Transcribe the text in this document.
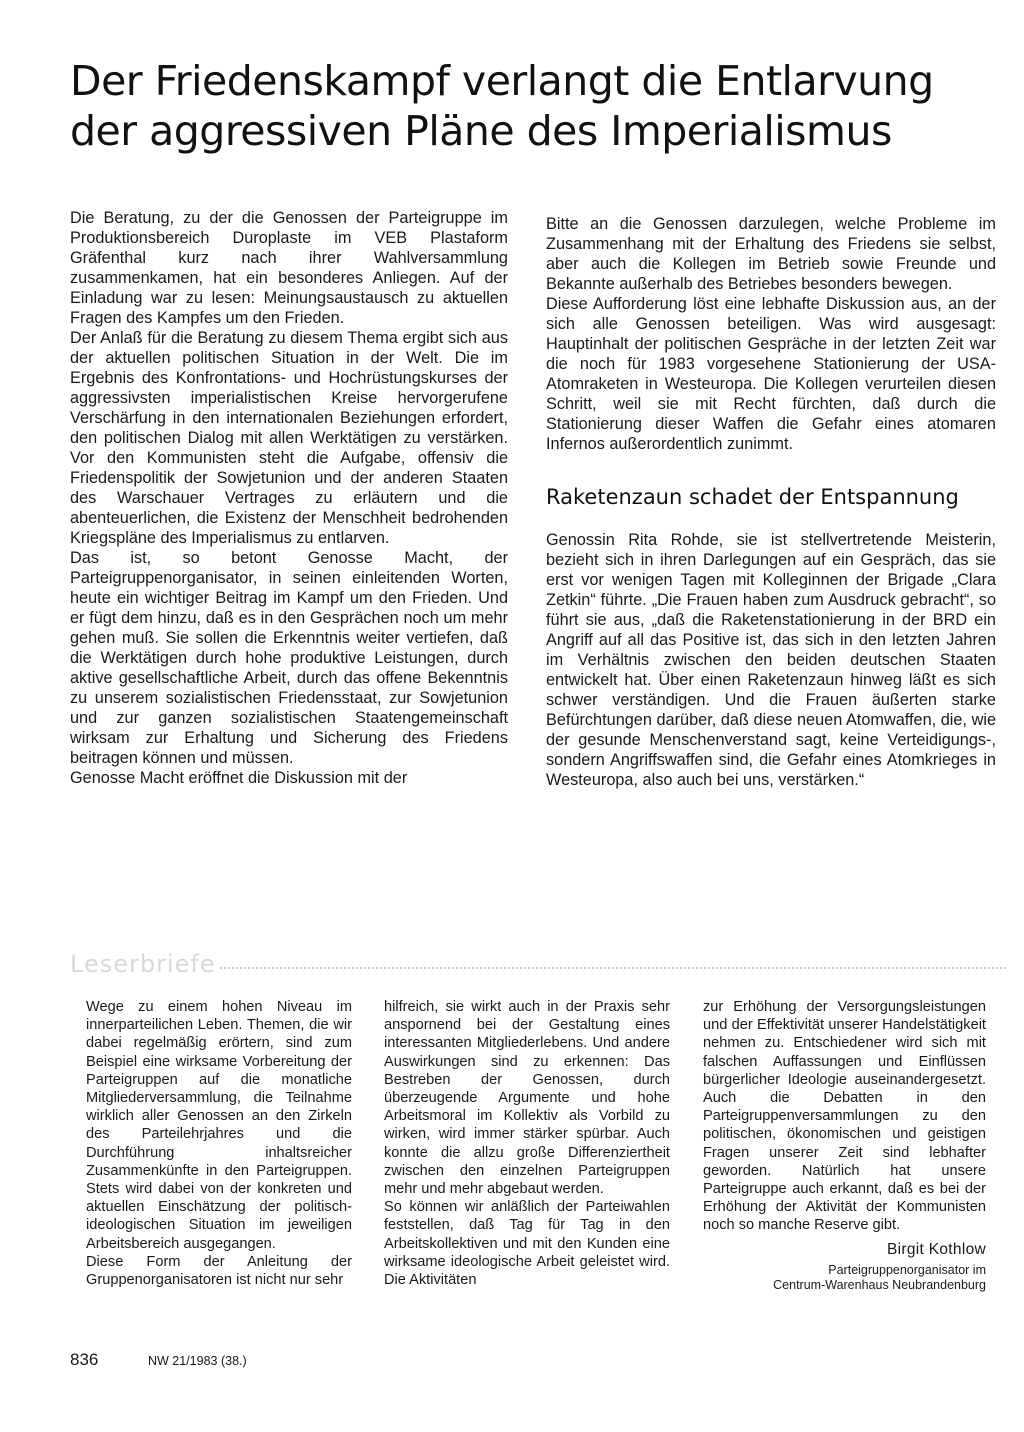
Der Friedenskampf verlangt die Entlarvung
der aggressiven Pläne des Imperialismus

Die Beratung, zu der die Genossen der Parteigruppe im Produktionsbereich Duroplaste im VEB Plastaform Gräfenthal kurz nach ihrer Wahlversammlung zusammenkamen, hat ein besonderes Anliegen. Auf der Einladung war zu lesen: Meinungsaustausch zu aktuellen Fragen des Kampfes um den Frieden.

Der Anlaß für die Beratung zu diesem Thema ergibt sich aus der aktuellen politischen Situation in der Welt. Die im Ergebnis des Konfrontations- und Hochrüstungskurses der aggressivsten imperialistischen Kreise hervorgerufene Verschärfung in den internationalen Beziehungen erfordert, den politischen Dialog mit allen Werktätigen zu verstärken. Vor den Kommunisten steht die Aufgabe, offensiv die Friedenspolitik der Sowjetunion und der anderen Staaten des Warschauer Vertrages zu erläutern und die abenteuerlichen, die Existenz der Menschheit bedrohenden Kriegspläne des Imperialismus zu entlarven.

Das ist, so betont Genosse Macht, der Parteigruppenorganisator, in seinen einleitenden Worten, heute ein wichtiger Beitrag im Kampf um den Frieden. Und er fügt dem hinzu, daß es in den Gesprächen noch um mehr gehen muß. Sie sollen die Erkenntnis weiter vertiefen, daß die Werktätigen durch hohe produktive Leistungen, durch aktive gesellschaftliche Arbeit, durch das offene Bekenntnis zu unserem sozialistischen Friedensstaat, zur Sowjetunion und zur ganzen sozialistischen Staatengemeinschaft wirksam zur Erhaltung und Sicherung des Friedens beitragen können und müssen.

Genosse Macht eröffnet die Diskussion mit der

Bitte an die Genossen darzulegen, welche Probleme im Zusammenhang mit der Erhaltung des Friedens sie selbst, aber auch die Kollegen im Betrieb sowie Freunde und Bekannte außerhalb des Betriebes besonders bewegen.

Diese Aufforderung löst eine lebhafte Diskussion aus, an der sich alle Genossen beteiligen. Was wird ausgesagt: Hauptinhalt der politischen Gespräche in der letzten Zeit war die noch für 1983 vorgesehene Stationierung der USA-Atomraketen in Westeuropa. Die Kollegen verurteilen diesen Schritt, weil sie mit Recht fürchten, daß durch die Stationierung dieser Waffen die Gefahr eines atomaren Infernos außerordentlich zunimmt.

Raketenzaun schadet der Entspannung

Genossin Rita Rohde, sie ist stellvertretende Meisterin, bezieht sich in ihren Darlegungen auf ein Gespräch, das sie erst vor wenigen Tagen mit Kolleginnen der Brigade „Clara Zetkin“ führte. „Die Frauen haben zum Ausdruck gebracht“, so führt sie aus, „daß die Raketenstationierung in der BRD ein Angriff auf all das Positive ist, das sich in den letzten Jahren im Verhältnis zwischen den beiden deutschen Staaten entwickelt hat. Über einen Raketenzaun hinweg läßt es sich schwer verständigen. Und die Frauen äußerten starke Befürchtungen darüber, daß diese neuen Atomwaffen, die, wie der gesunde Menschenverstand sagt, keine Verteidigungs-, sondern Angriffswaffen sind, die Gefahr eines Atomkrieges in Westeuropa, also auch bei uns, verstärken.“

Leserbriefe

Wege zu einem hohen Niveau im innerparteilichen Leben. Themen, die wir dabei regelmäßig erörtern, sind zum Beispiel eine wirksame Vorbereitung der Parteigruppen auf die monatliche Mitgliederversammlung, die Teilnahme wirklich aller Genossen an den Zirkeln des Parteilehrjahres und die Durchführung inhaltsreicher Zusammenkünfte in den Parteigruppen. Stets wird dabei von der konkreten und aktuellen Einschätzung der politisch-ideologischen Situation im jeweiligen Arbeitsbereich ausgegangen.

Diese Form der Anleitung der Gruppenorganisatoren ist nicht nur sehr

hilfreich, sie wirkt auch in der Praxis sehr anspornend bei der Gestaltung eines interessanten Mitgliederlebens. Und andere Auswirkungen sind zu erkennen: Das Bestreben der Genossen, durch überzeugende Argumente und hohe Arbeitsmoral im Kollektiv als Vorbild zu wirken, wird immer stärker spürbar. Auch konnte die allzu große Differenziertheit zwischen den einzelnen Parteigruppen mehr und mehr abgebaut werden.

So können wir anläßlich der Parteiwahlen feststellen, daß Tag für Tag in den Arbeitskollektiven und mit den Kunden eine wirksame ideologische Arbeit geleistet wird. Die Aktivitäten

zur Erhöhung der Versorgungsleistungen und der Effektivität unserer Handelstätigkeit nehmen zu. Entschiedener wird sich mit falschen Auffassungen und Einflüssen bürgerlicher Ideologie auseinandergesetzt. Auch die Debatten in den Parteigruppenversammlungen zu den politischen, ökonomischen und geistigen Fragen unserer Zeit sind lebhafter geworden. Natürlich hat unsere Parteigruppe auch erkannt, daß es bei der Erhöhung der Aktivität der Kommunisten noch so manche Reserve gibt.

Birgit Kothlow

Parteigruppenorganisator im
Centrum-Warenhaus Neubrandenburg

836	NW 21/1983 (38.)
